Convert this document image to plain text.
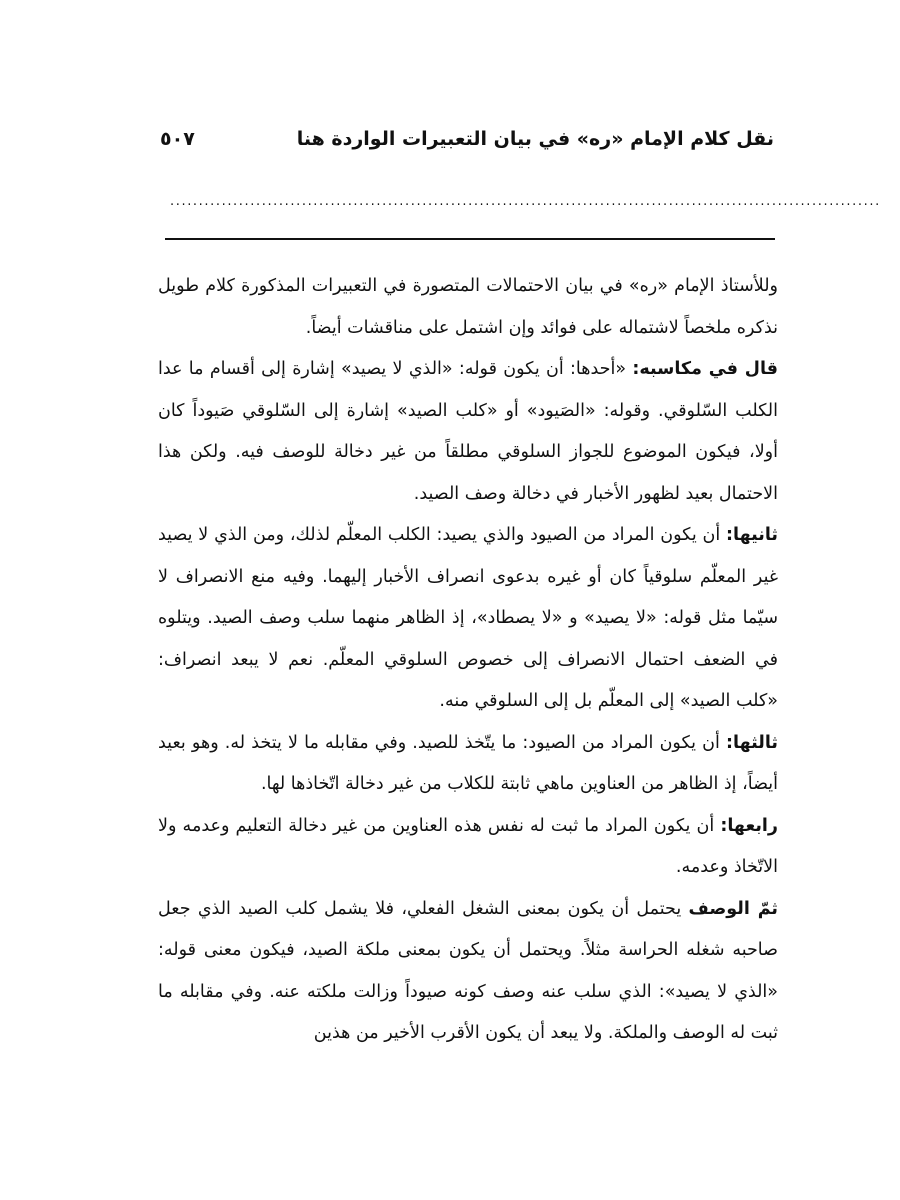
نقل كلام الإمام «ره» في بيان التعبيرات الواردة هنا
٥٠٧
............................................................................................................................

وللأستاذ الإمام «ره» في بيان الاحتمالات المتصورة في التعبيرات المذكورة كلام طويل نذكره ملخصاً لاشتماله على فوائد وإن اشتمل على مناقشات أيضاً.

قال في مكاسبه: «أحدها: أن يكون قوله: «الذي لا يصيد» إشارة إلى أقسام ما عدا الكلب السّلوقي. وقوله: «الصَيود» أو «كلب الصيد» إشارة إلى السّلوقي صَيوداً كان أولا، فيكون الموضوع للجواز السلوقي مطلقاً من غير دخالة للوصف فيه. ولكن هذا الاحتمال بعيد لظهور الأخبار في دخالة وصف الصيد.

ثانيها: أن يكون المراد من الصيود والذي يصيد: الكلب المعلّم لذلك، ومن الذي لا يصيد غير المعلّم سلوقياً كان أو غيره بدعوى انصراف الأخبار إليهما. وفيه منع الانصراف لا سيّما مثل قوله: «لا يصيد» و «لا يصطاد»، إذ الظاهر منهما سلب وصف الصيد. ويتلوه في الضعف احتمال الانصراف إلى خصوص السلوقي المعلّم. نعم لا يبعد انصراف: «كلب الصيد» إلى المعلّم بل إلى السلوقي منه.

ثالثها: أن يكون المراد من الصيود: ما يتّخذ للصيد. وفي مقابله ما لا يتخذ له. وهو بعيد أيضاً، إذ الظاهر من العناوين ماهي ثابتة للكلاب من غير دخالة اتّخاذها لها.

رابعها: أن يكون المراد ما ثبت له نفس هذه العناوين من غير دخالة التعليم وعدمه ولا الاتّخاذ وعدمه.

ثمّ الوصف يحتمل أن يكون بمعنى الشغل الفعلي، فلا يشمل كلب الصيد الذي جعل صاحبه شغله الحراسة مثلاً. ويحتمل أن يكون بمعنى ملكة الصيد، فيكون معنى قوله: «الذي لا يصيد»: الذي سلب عنه وصف كونه صيوداً وزالت ملكته عنه. وفي مقابله ما ثبت له الوصف والملكة. ولا يبعد أن يكون الأقرب الأخير من هذين
